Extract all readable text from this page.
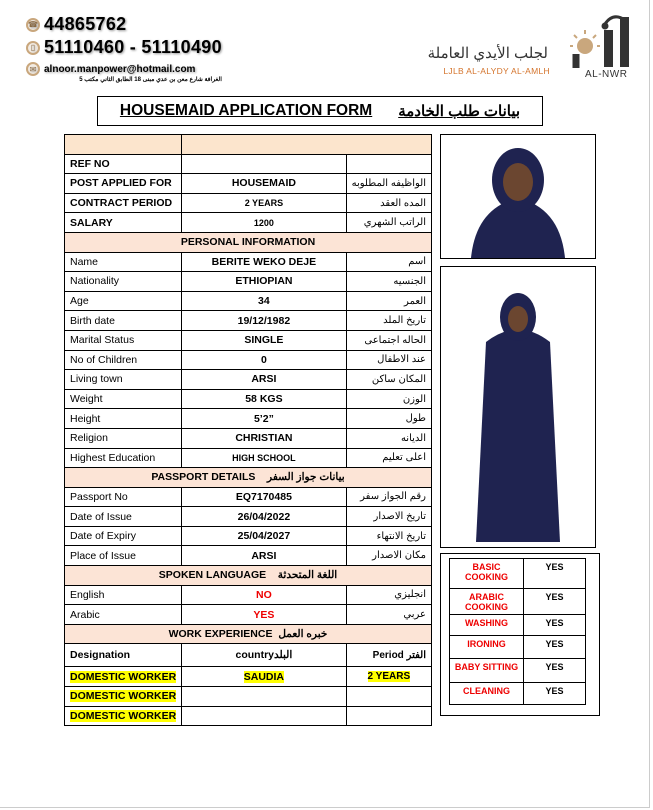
☎ 44865762
▯ 51110460 - 51110490
✉ alnoor.manpower@hotmail.com
الغرافة شارع معن بن عدي مبنى 18 الطابق الثاني مكتب 5
لجلب الأيدي العاملة
LJLB AL-ALYDY AL-AMLH	AL-NWR
HOUSEMAID APPLICATION FORM بيانات طلب الخادمة

REF NO		
POST APPLIED FOR	HOUSEMAID	الواظيفه المطلوبه
CONTRACT PERIOD	2 YEARS	المده العقد
SALARY	1200	الراتب الشهري
PERSONAL INFORMATION		
Name	BERITE WEKO DEJE	اسم
Nationality	ETHIOPIAN	الجنسيه
Age	34	العمر
Birth date	19/12/1982	تاريخ الملد
Marital Status	SINGLE	الحاله اجتماعى
No of Children	0	عند الاطفال
Living town	ARSI	المكان ساكن
Weight	58 KGS	الوزن
Height	5’2”	طول
Religion	CHRISTIAN	الديانه
Highest Education	HIGH SCHOOL	اعلى تعليم
PASSPORT DETAILS بيانات جواز السفر		
Passport No	EQ7170485	رقم الجواز سفر
Date of Issue	26/04/2022	تاريخ الاصدار
Date of Expiry	25/04/2027	تاريخ الانتهاء
Place of Issue	ARSI	مكان الاصدار
SPOKEN LANGUAGE اللغة المتحدثة		
English	NO	انجليزي
Arabic	YES	عربي
WORK EXPERIENCE خبره العمل		
Designation	countryالبلد	Period الفتر
DOMESTIC WORKER	SAUDIA	2 YEARS
DOMESTIC WORKER		
DOMESTIC WORKER		
BASIC COOKING	YES
ARABIC COOKING	YES
WASHING	YES
IRONING	YES
BABY SITTING	YES
CLEANING	YES
